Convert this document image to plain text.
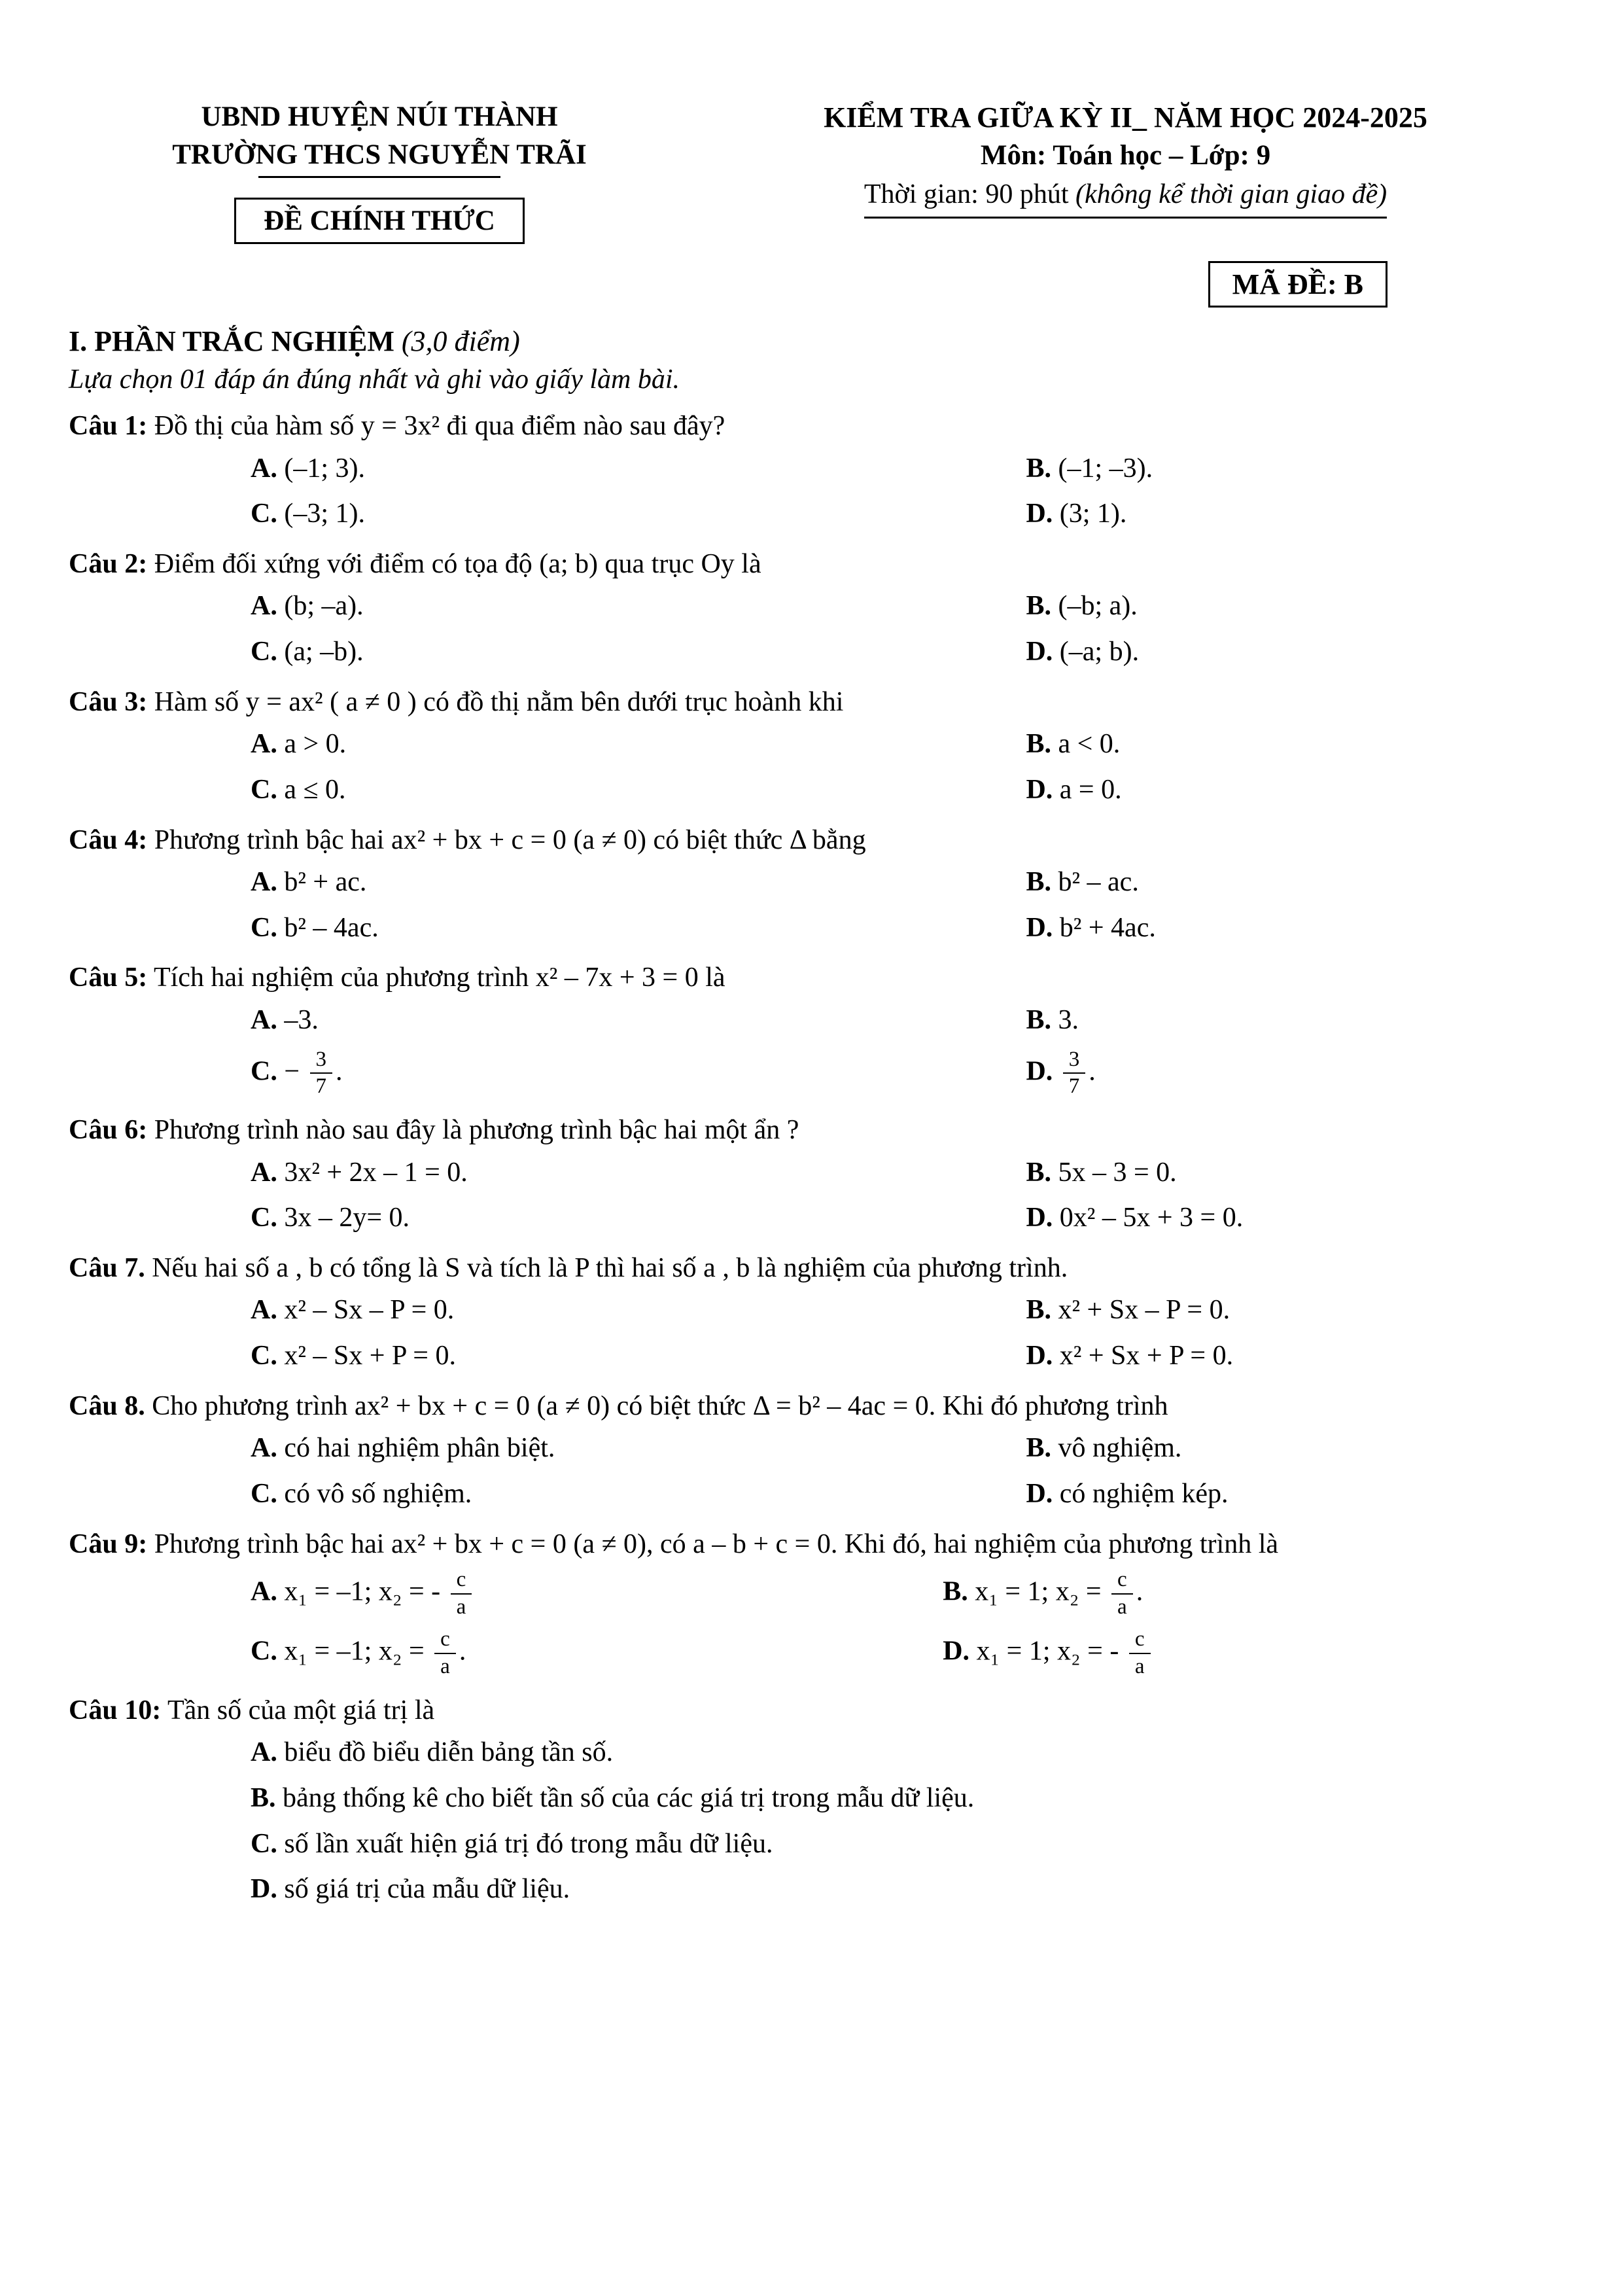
UBND HUYỆN NÚI THÀNH
TRƯỜNG THCS NGUYỄN TRÃI
ĐỀ CHÍNH THỨC
KIỂM TRA GIỮA KỲ II_ NĂM HỌC 2024-2025
Môn: Toán học – Lớp: 9
Thời gian: 90 phút (không kể thời gian giao đề)
MÃ ĐỀ: B
I. PHẦN TRẮC NGHIỆM (3,0 điểm)
Lựa chọn 01 đáp án đúng nhất và ghi vào giấy làm bài.

Câu 1: Đồ thị của hàm số y = 3x² đi qua điểm nào sau đây?

A. (–1; 3).	B. (–1; –3).
C. (–3; 1).	D. (3; 1).

Câu 2: Điểm đối xứng với điểm có tọa độ (a; b) qua trục Oy là

A. (b; –a).	B. (–b; a).
C. (a; –b).	D. (–a; b).

Câu 3: Hàm số y = ax² ( a ≠ 0 ) có đồ thị nằm bên dưới trục hoành khi

A. a > 0.	B. a < 0.
C. a ≤ 0.	D. a = 0.

Câu 4: Phương trình bậc hai ax² + bx + c = 0 (a ≠ 0) có biệt thức Δ bằng

A. b² + ac.	B. b² – ac.
C. b² – 4ac.	D. b² + 4ac.

Câu 5: Tích hai nghiệm của phương trình x² – 7x + 3 = 0 là

A. –3.	B. 3.
C. − $\frac{3}{7}$ .	D. $\frac{3}{7}$ .

Câu 6: Phương trình nào sau đây là phương trình bậc hai một ẩn ?

A. 3x² + 2x – 1 = 0.	B. 5x – 3 = 0.
C. 3x – 2y= 0.	D. 0x² – 5x + 3 = 0.

Câu 7. Nếu hai số a , b có tổng là S và tích là P thì hai số a , b là nghiệm của phương trình.

A. x² – Sx – P = 0.	B. x² + Sx – P = 0.
C. x² – Sx + P = 0.	D. x² + Sx + P = 0.

Câu 8. Cho phương trình ax² + bx + c = 0 (a ≠ 0) có biệt thức Δ = b² – 4ac = 0. Khi đó phương trình

A. có hai nghiệm phân biệt.	B. vô nghiệm.
C. có vô số nghiệm.	D. có nghiệm kép.

Câu 9: Phương trình bậc hai ax² + bx + c = 0 (a ≠ 0), có a – b + c = 0. Khi đó, hai nghiệm của phương trình là

A. x₁ = –1; x₂ = - $\frac{c}{a}$	B. x₁ = 1; $x_2 = \frac{c}{a}$ .
C. x₁ = –1; $x_2 = \frac{c}{a}$ .	D. x₁ = 1; x₂ = - $\frac{c}{a}$

Câu 10: Tần số của một giá trị là

A. biểu đồ biểu diễn bảng tần số.
B. bảng thống kê cho biết tần số của các giá trị trong mẫu dữ liệu.
C. số lần xuất hiện giá trị đó trong mẫu dữ liệu.
D. số giá trị của mẫu dữ liệu.
